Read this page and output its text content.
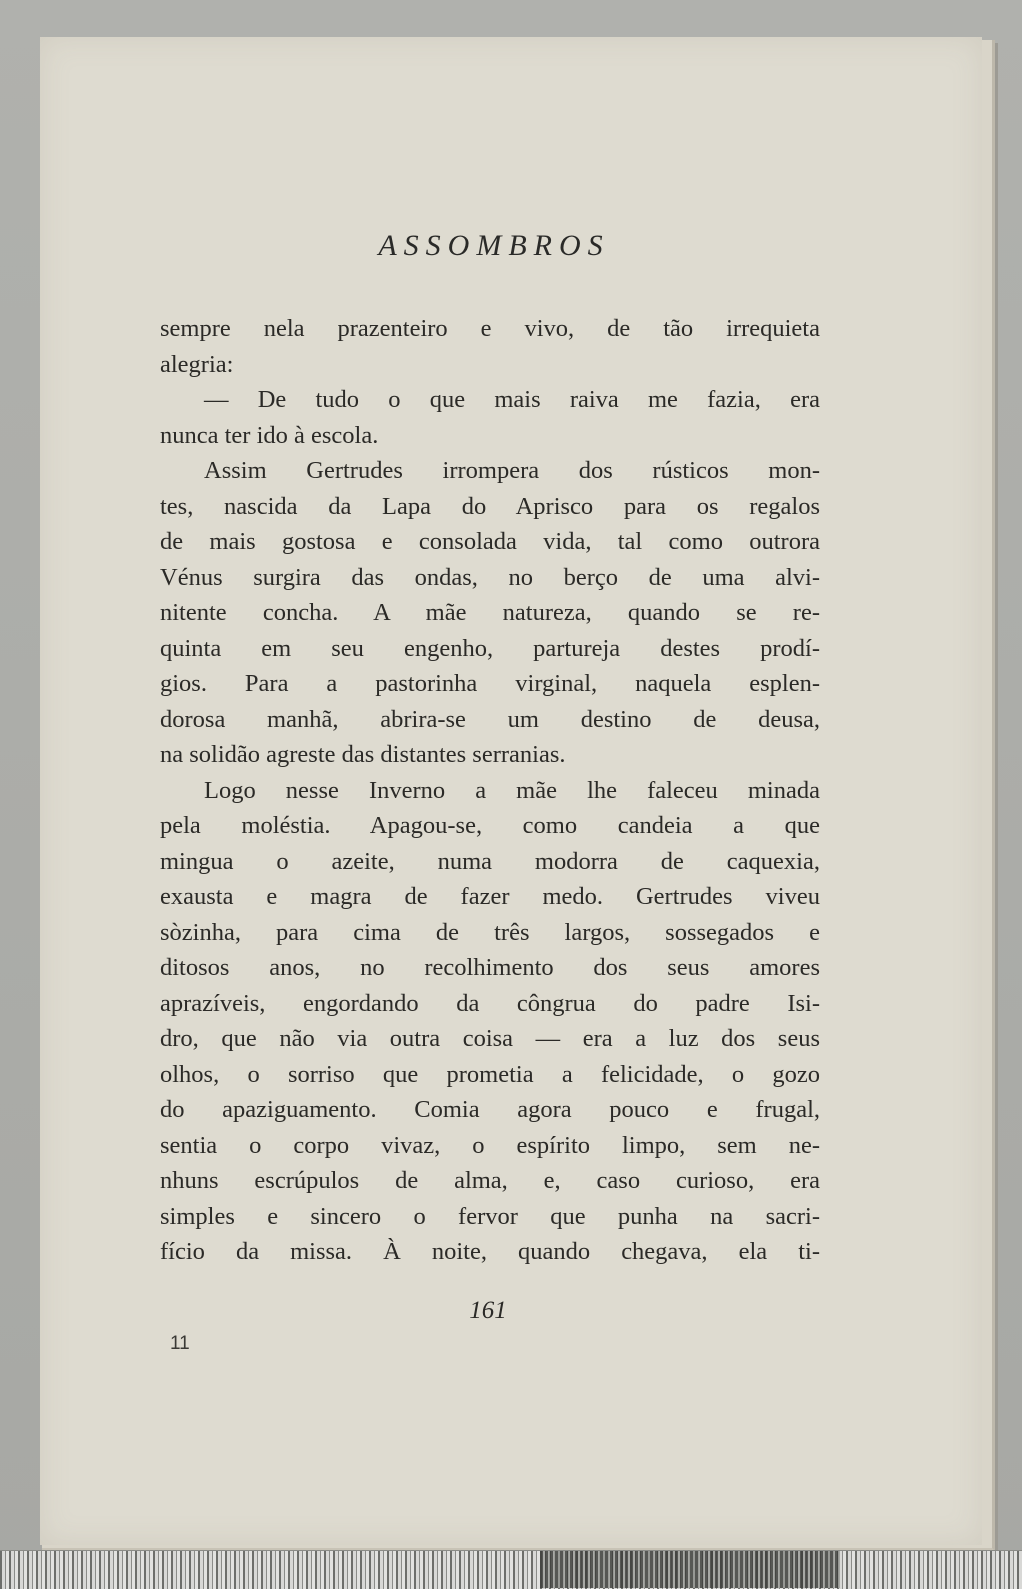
ASSOMBROS
sempre nela prazenteiro e vivo, de tão irrequieta
alegria:
— De tudo o que mais raiva me fazia, era
nunca ter ido à escola.
Assim Gertrudes irrompera dos rústicos mon-
tes, nascida da Lapa do Aprisco para os regalos
de mais gostosa e consolada vida, tal como outrora
Vénus surgira das ondas, no berço de uma alvi-
nitente concha. A mãe natureza, quando se re-
quinta em seu engenho, partureja destes prodí-
gios. Para a pastorinha virginal, naquela esplen-
dorosa manhã, abrira-se um destino de deusa,
na solidão agreste das distantes serranias.
Logo nesse Inverno a mãe lhe faleceu minada
pela moléstia. Apagou-se, como candeia a que
mingua o azeite, numa modorra de caquexia,
exausta e magra de fazer medo. Gertrudes viveu
sòzinha, para cima de três largos, sossegados e
ditosos anos, no recolhimento dos seus amores
aprazíveis, engordando da côngrua do padre Isi-
dro, que não via outra coisa — era a luz dos seus
olhos, o sorriso que prometia a felicidade, o gozo
do apaziguamento. Comia agora pouco e frugal,
sentia o corpo vivaz, o espírito limpo, sem ne-
nhuns escrúpulos de alma, e, caso curioso, era
simples e sincero o fervor que punha na sacri-
fício da missa. À noite, quando chegava, ela ti-
161
11
